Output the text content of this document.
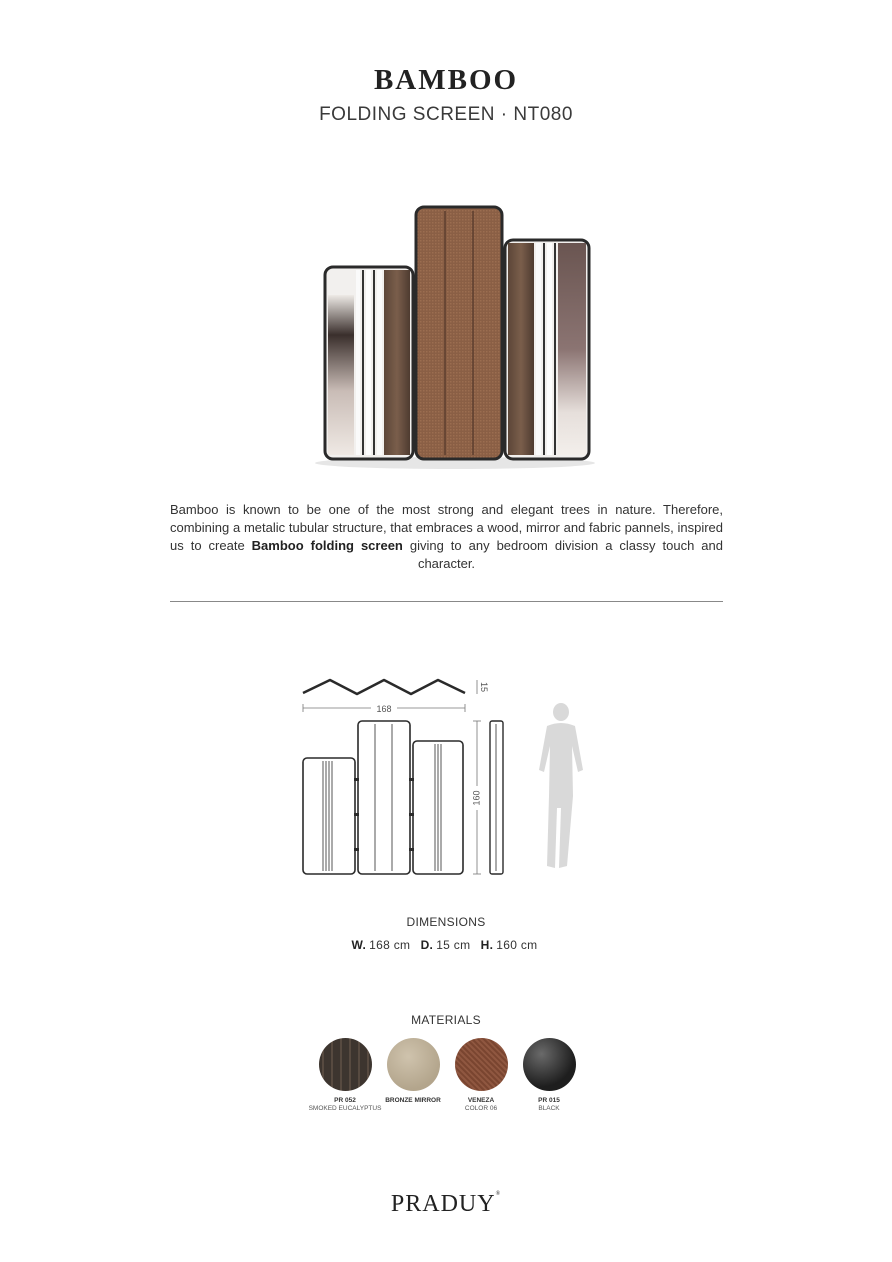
BAMBOO
FOLDING SCREEN · NT080

Bamboo is known to be one of the most strong and elegant trees in nature. Therefore, combining a metalic tubular structure, that embraces a wood, mirror and fabric pannels, inspired us to create Bamboo folding screen giving to any bedroom division a classy touch and character.

168
15
160
DIMENSIONS
W. 168 cm D. 15 cm H. 160 cm
MATERIALS
PR 052
SMOKED EUCALYPTUS
BRONZE MIRROR	VENEZA
COLOR 06
PR 015
BLACK
PRADUY®
